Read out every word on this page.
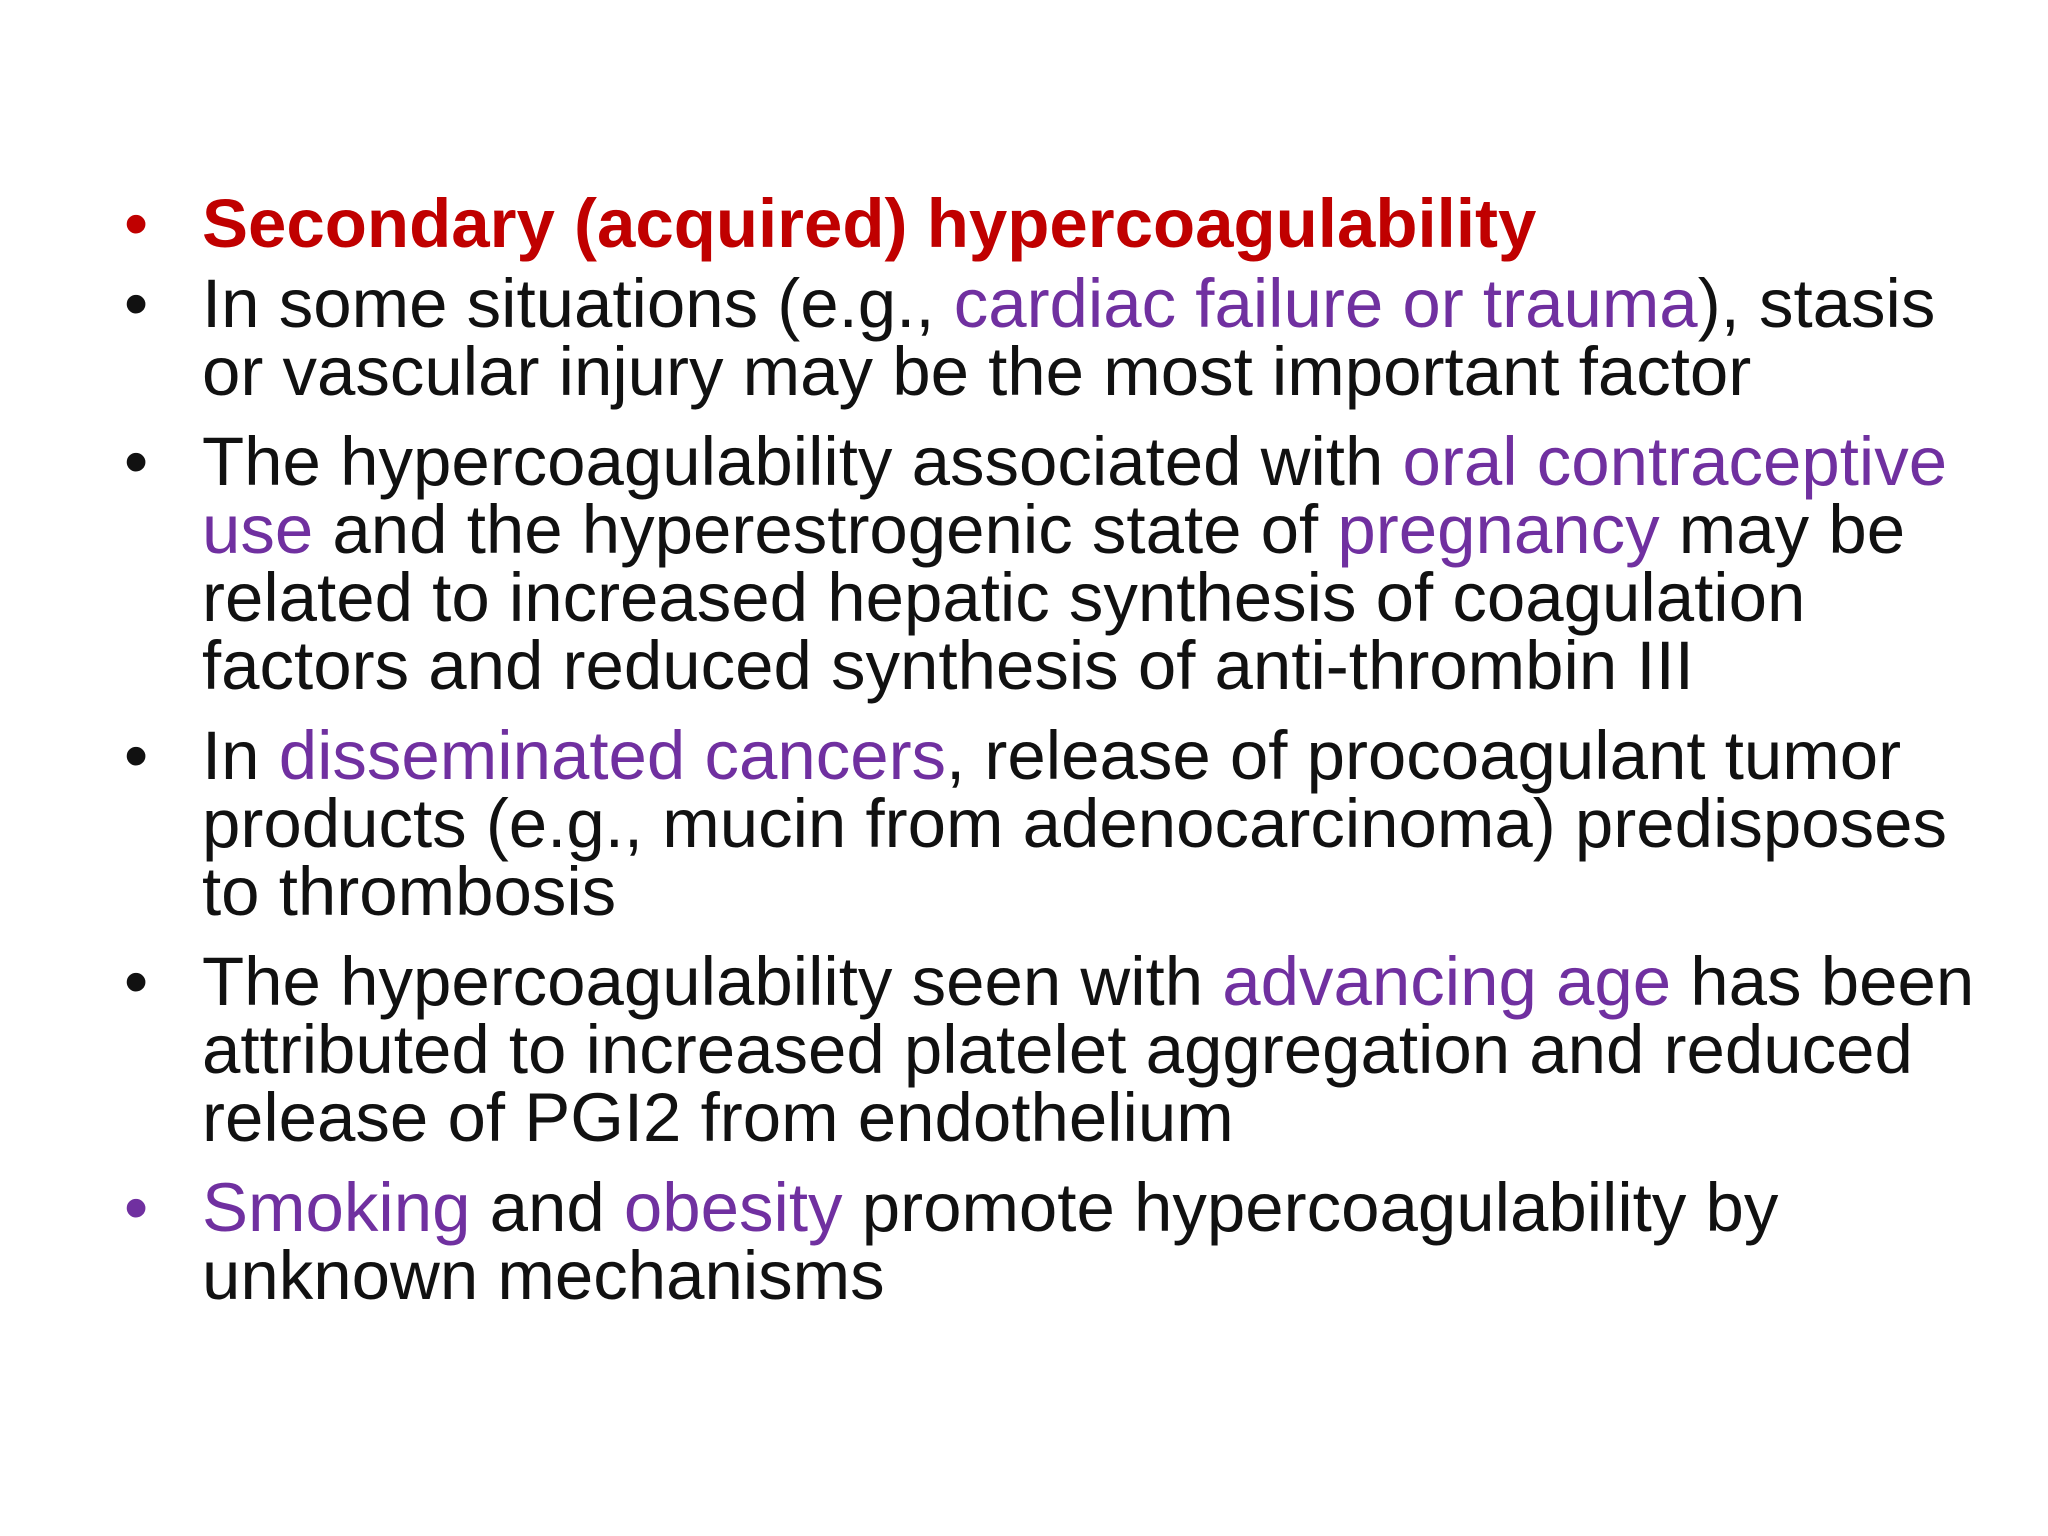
• Secondary (acquired) hypercoagulability
• In some situations (e.g., cardiac failure or trauma), stasis or vascular injury may be the most important factor
• The hypercoagulability associated with oral contraceptive use and the hyperestrogenic state of pregnancy may be related to increased hepatic synthesis of coagulation factors and reduced synthesis of anti-thrombin III
• In disseminated cancers, release of procoagulant tumor products (e.g., mucin from adenocarcinoma) predisposes to thrombosis
• The hypercoagulability seen with advancing age has been attributed to increased platelet aggregation and reduced release of PGI2 from endothelium
• Smoking and obesity promote hypercoagulability by unknown mechanisms
